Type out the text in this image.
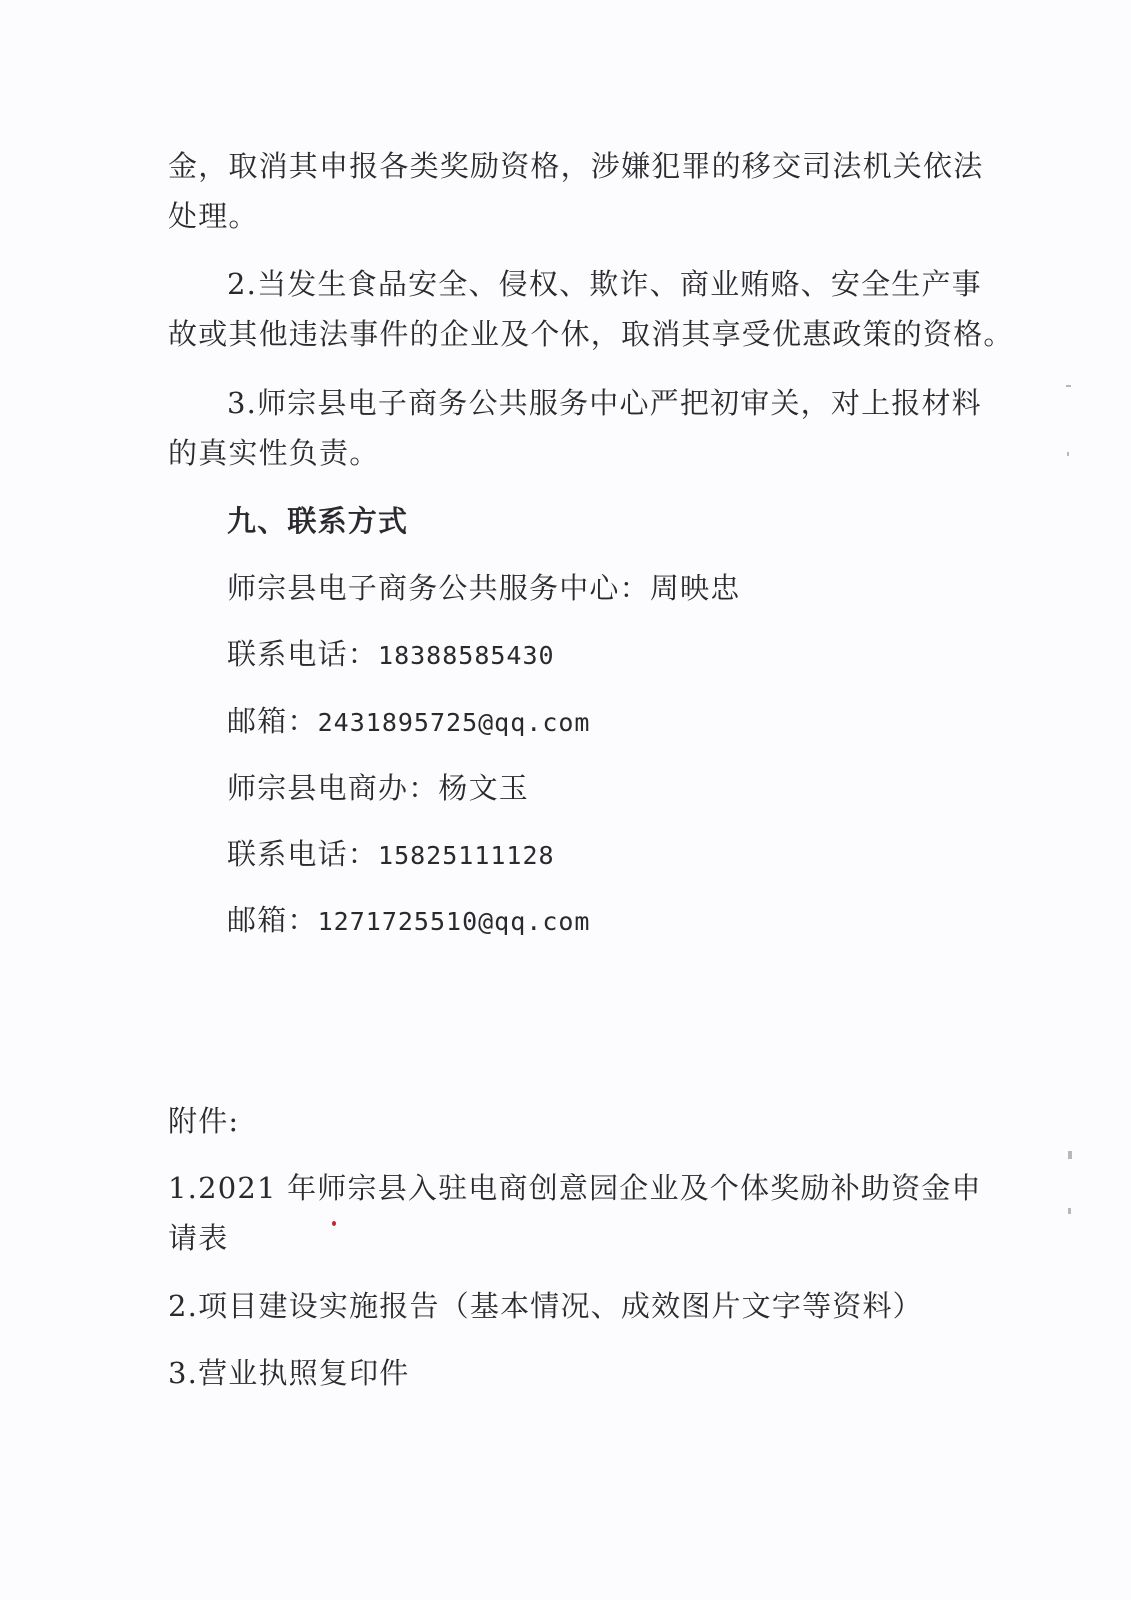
金，取消其申报各类奖励资格，涉嫌犯罪的移交司法机关依法
处理。
2.当发生食品安全、侵权、欺诈、商业贿赂、安全生产事
故或其他违法事件的企业及个休，取消其享受优惠政策的资格。
3.师宗县电子商务公共服务中心严把初审关，对上报材料
的真实性负责。
九、联系方式
师宗县电子商务公共服务中心：周映忠
联系电话：18388585430
邮箱：2431895725@qq.com
师宗县电商办：杨文玉
联系电话：15825111128
邮箱：1271725510@qq.com
附件:
1.2021 年师宗县入驻电商创意园企业及个体奖励补助资金申
请表
2.项目建设实施报告（基本情况、成效图片文字等资料）
3.营业执照复印件
